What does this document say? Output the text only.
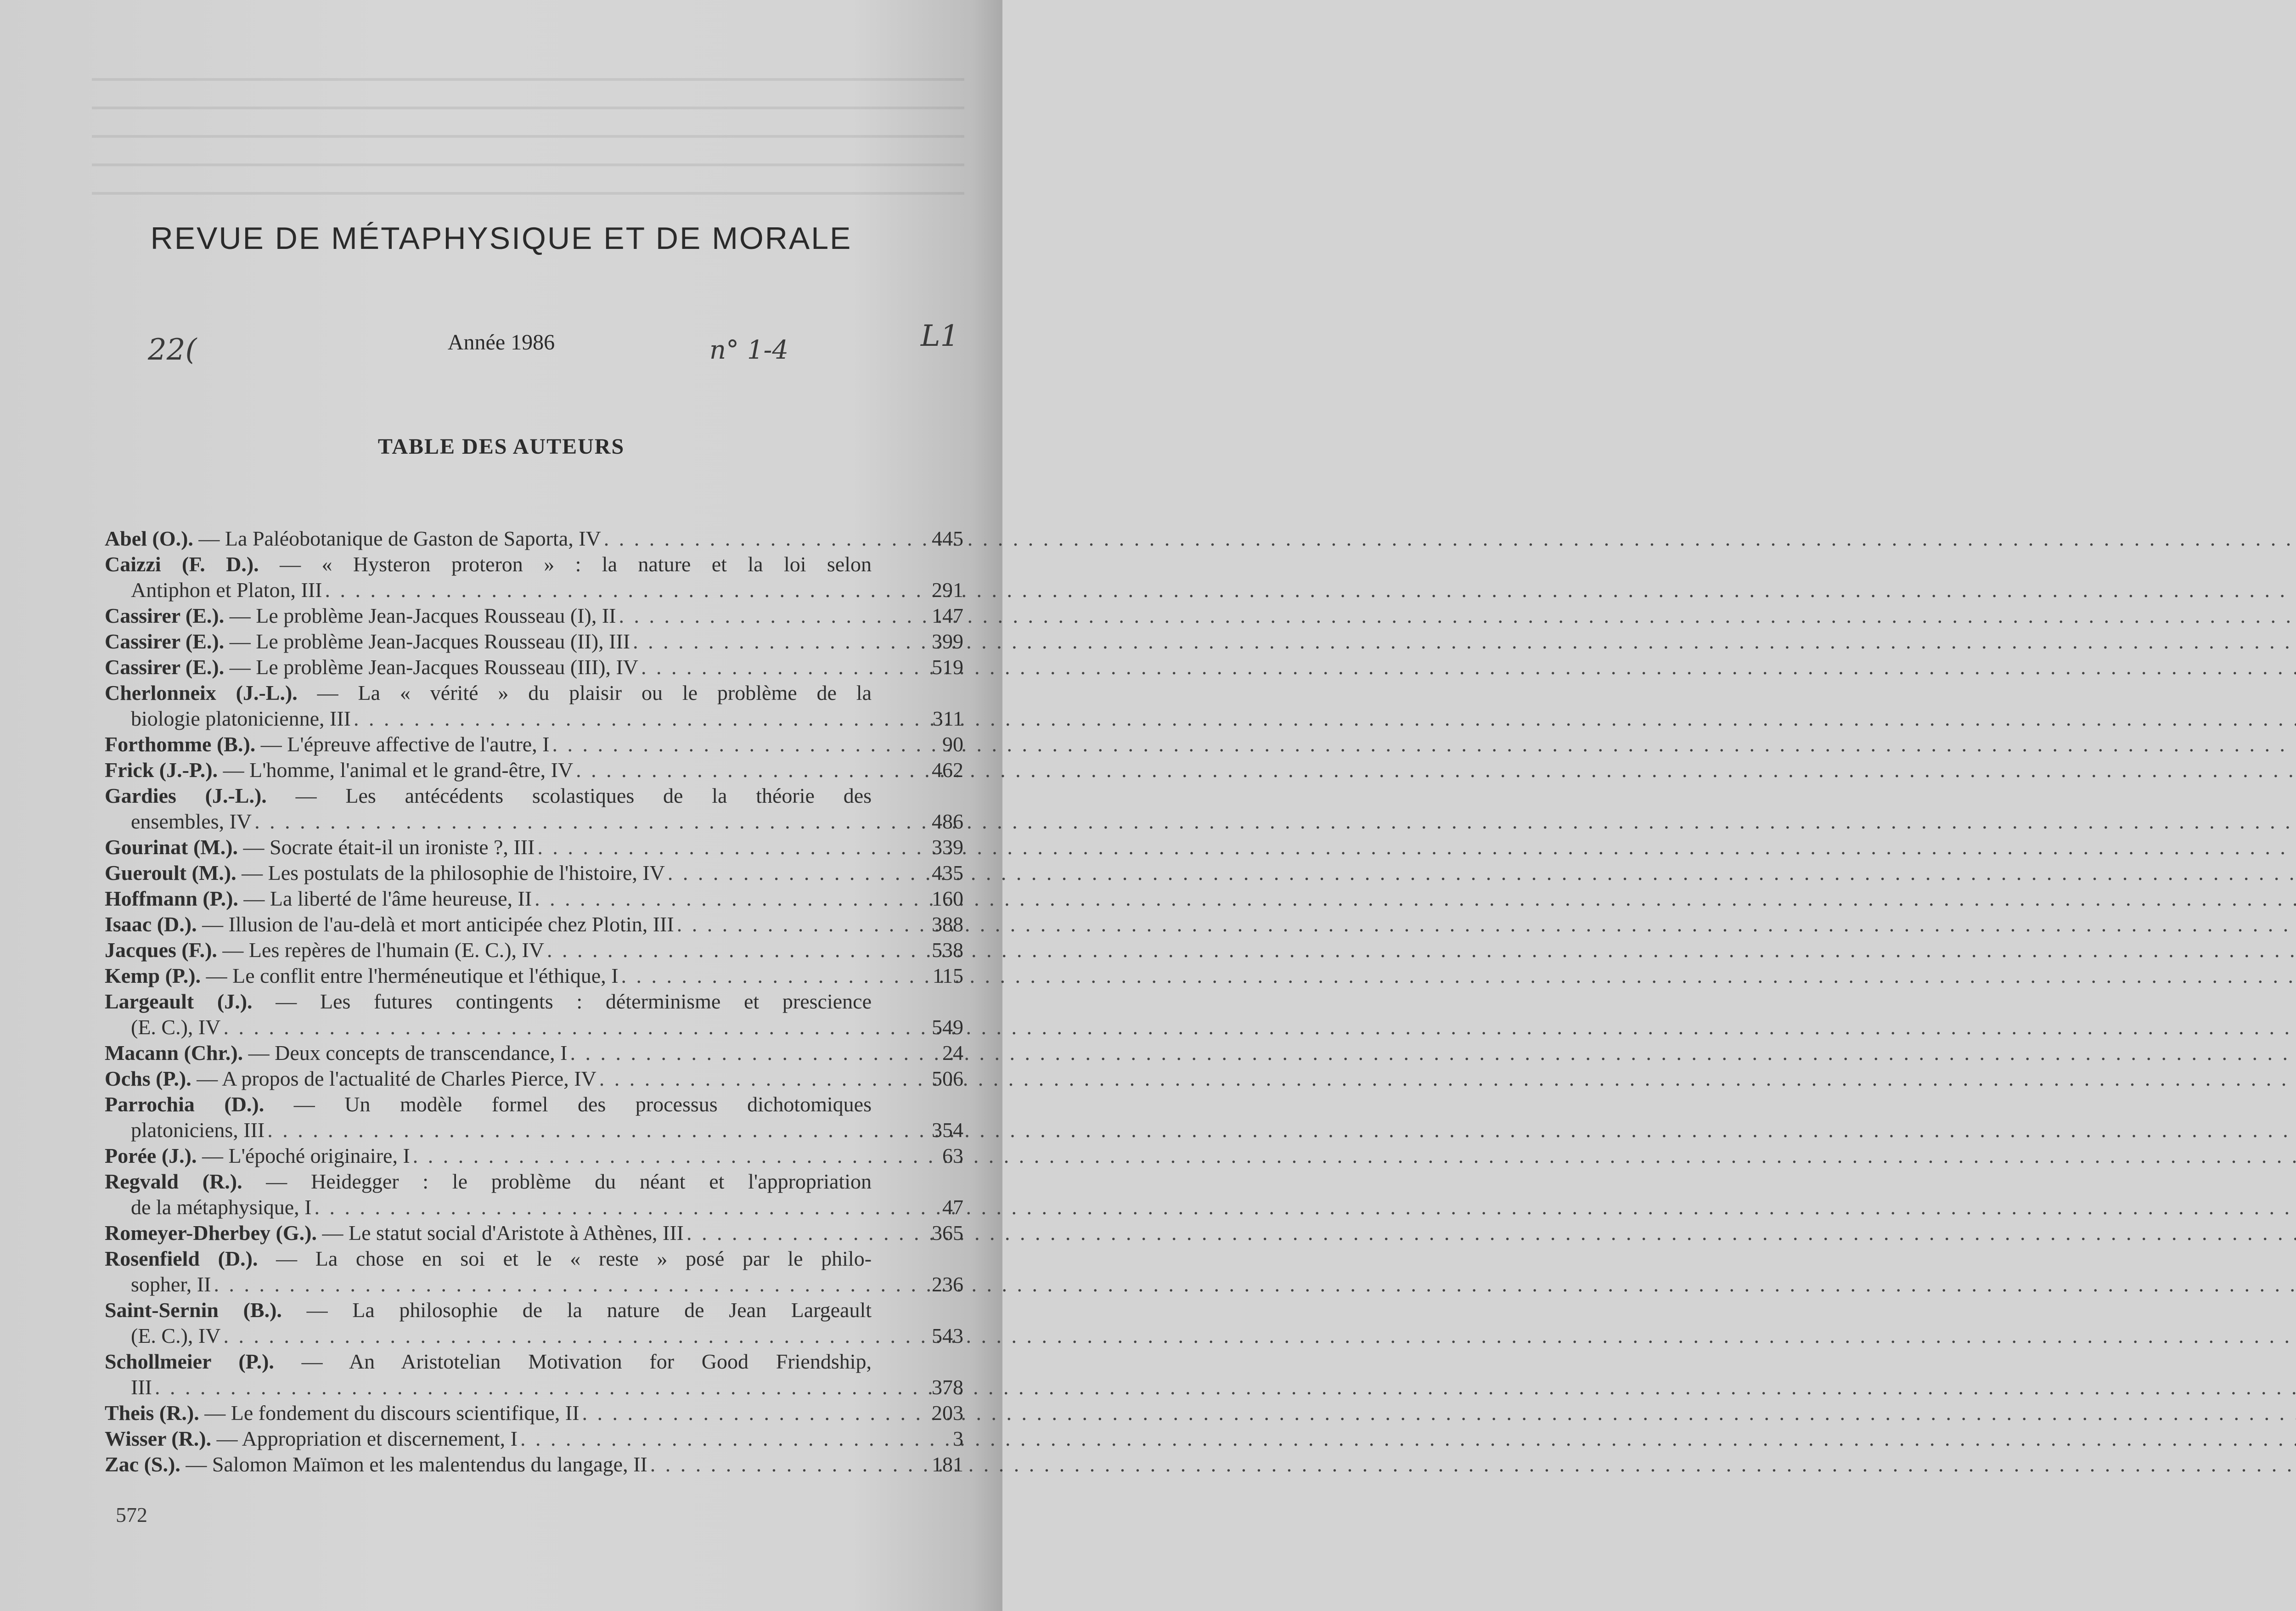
REVUE DE MÉTAPHYSIQUE ET DE MORALE
22(	Année 1986	n° 1-4	L1
TABLE DES AUTEURS
Abel (O.). — La Paléobotanique de Gaston de Saporta, IV . . .	445
Caizzi (F. D.). — « Hysteron proteron » : la nature et la loi selon
Antiphon et Platon, III . . .	291
Cassirer (E.). — Le problème Jean-Jacques Rousseau (I), II . . .	147
Cassirer (E.). — Le problème Jean-Jacques Rousseau (II), III . . .	399
Cassirer (E.). — Le problème Jean-Jacques Rousseau (III), IV . . .	519
Cherlonneix (J.-L.). — La « vérité » du plaisir ou le problème de la
biologie platonicienne, III . . .	311
Forthomme (B.). — L'épreuve affective de l'autre, I . . .	90
Frick (J.-P.). — L'homme, l'animal et le grand-être, IV . . .	462
Gardies (J.-L.). — Les antécédents scolastiques de la théorie des
ensembles, IV . . .	486
Gourinat (M.). — Socrate était-il un ironiste ?, III . . .	339
Gueroult (M.). — Les postulats de la philosophie de l'histoire, IV . . .	435
Hoffmann (P.). — La liberté de l'âme heureuse, II . . .	160
Isaac (D.). — Illusion de l'au-delà et mort anticipée chez Plotin, III . . .	388
Jacques (F.). — Les repères de l'humain (E. C.), IV . . .	538
Kemp (P.). — Le conflit entre l'herméneutique et l'éthique, I . . .	115
Largeault (J.). — Les futures contingents : déterminisme et prescience
(E. C.), IV . . .	549
Macann (Chr.). — Deux concepts de transcendance, I . . .	24
Ochs (P.). — A propos de l'actualité de Charles Pierce, IV . . .	506
Parrochia (D.). — Un modèle formel des processus dichotomiques
platoniciens, III . . .	354
Porée (J.). — L'époché originaire, I . . .	63
Regvald (R.). — Heidegger : le problème du néant et l'appropriation
de la métaphysique, I . . .	47
Romeyer-Dherbey (G.). — Le statut social d'Aristote à Athènes, III . . .	365
Rosenfield (D.). — La chose en soi et le « reste » posé par le philo-
sopher, II . . .	236
Saint-Sernin (B.). — La philosophie de la nature de Jean Largeault
(E. C.), IV . . .	543
Schollmeier (P.). — An Aristotelian Motivation for Good Friendship,
III . . .	378
Theis (R.). — Le fondement du discours scientifique, II . . .	203
Wisser (R.). — Appropriation et discernement, I . . .	3
Zac (S.). — Salomon Maïmon et les malentendus du langage, II . . .	181
572
